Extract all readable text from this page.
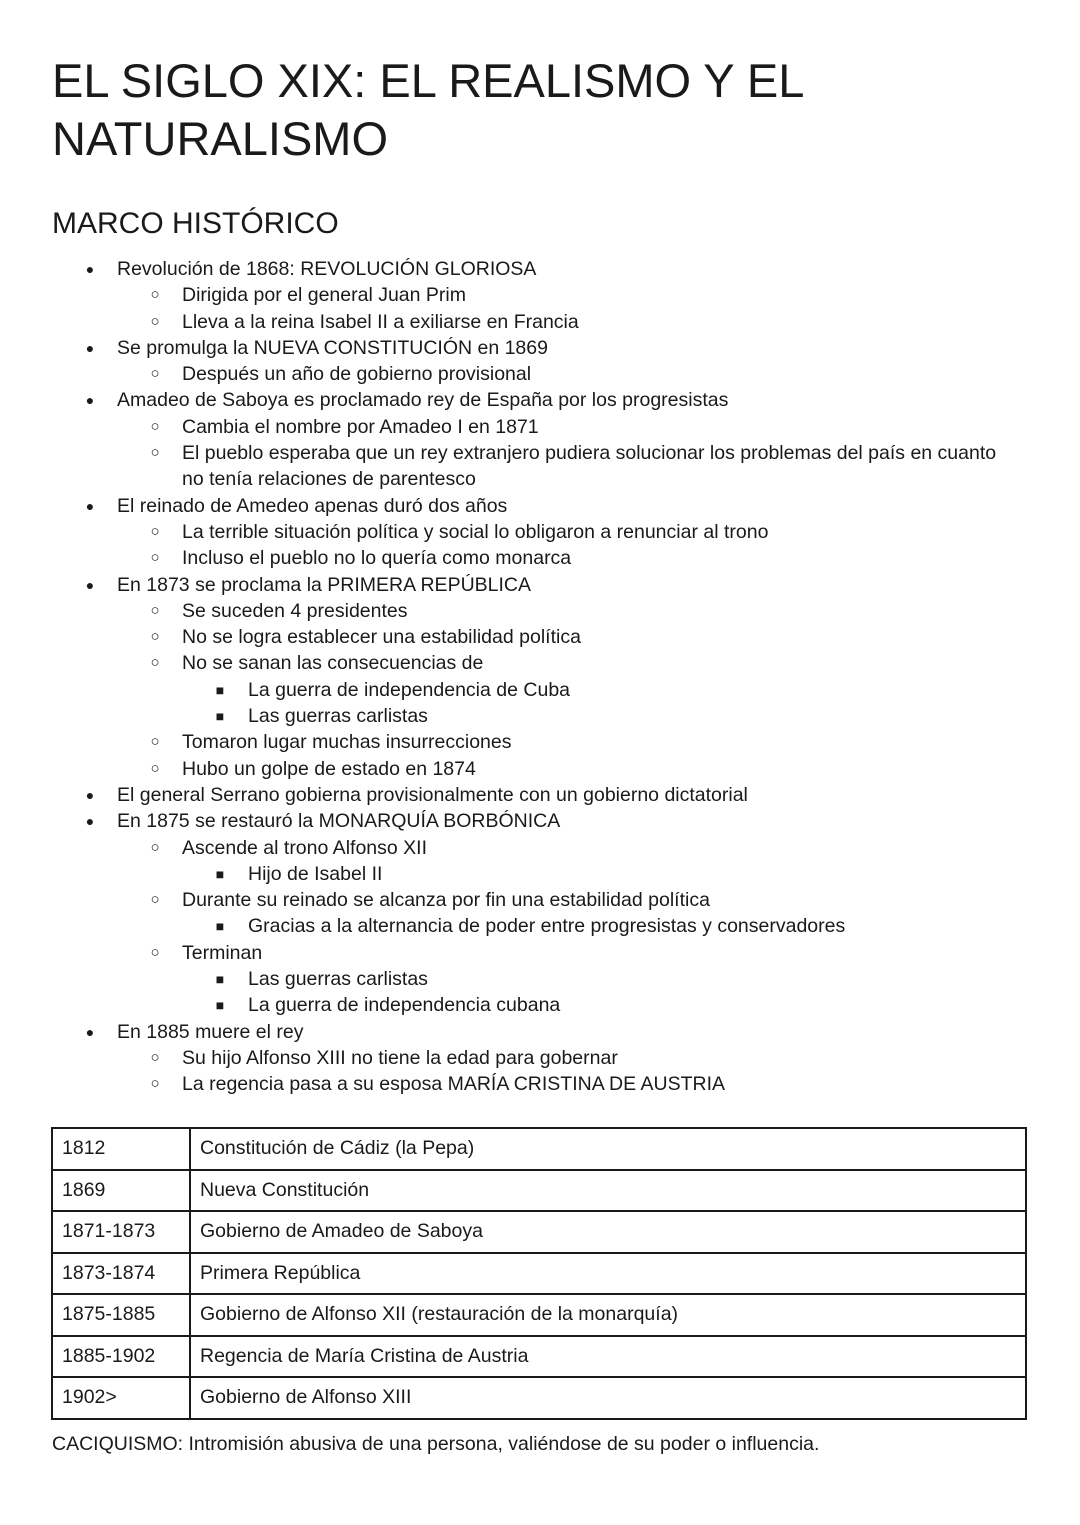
EL SIGLO XIX: EL REALISMO Y EL NATURALISMO
MARCO HISTÓRICO
● Revolución de 1868: REVOLUCIÓN GLORIOSA
○ Dirigida por el general Juan Prim
○ Lleva a la reina Isabel II a exiliarse en Francia
● Se promulga la NUEVA CONSTITUCIÓN en 1869
○ Después un año de gobierno provisional
● Amadeo de Saboya es proclamado rey de España por los progresistas
○ Cambia el nombre por Amadeo I en 1871
○ El pueblo esperaba que un rey extranjero pudiera solucionar los problemas del país en cuanto no tenía relaciones de parentesco
● El reinado de Amedeo apenas duró dos años
○ La terrible situación política y social lo obligaron a renunciar al trono
○ Incluso el pueblo no lo quería como monarca
● En 1873 se proclama la PRIMERA REPÚBLICA
○ Se suceden 4 presidentes
○ No se logra establecer una estabilidad política
○ No se sanan las consecuencias de
■ La guerra de independencia de Cuba
■ Las guerras carlistas
○ Tomaron lugar muchas insurrecciones
○ Hubo un golpe de estado en 1874
● El general Serrano gobierna provisionalmente con un gobierno dictatorial
● En 1875 se restauró la MONARQUÍA BORBÓNICA
○ Ascende al trono Alfonso XII
■ Hijo de Isabel II
○ Durante su reinado se alcanza por fin una estabilidad política
■ Gracias a la alternancia de poder entre progresistas y conservadores
○ Terminan
■ Las guerras carlistas
■ La guerra de independencia cubana
● En 1885 muere el rey
○ Su hijo Alfonso XIII no tiene la edad para gobernar
○ La regencia pasa a su esposa MARÍA CRISTINA DE AUSTRIA
1812	Constitución de Cádiz (la Pepa)
1869	Nueva Constitución
1871-1873	Gobierno de Amadeo de Saboya
1873-1874	Primera República
1875-1885	Gobierno de Alfonso XII (restauración de la monarquía)
1885-1902	Regencia de María Cristina de Austria
1902>	Gobierno de Alfonso XIII
CACIQUISMO: Intromisión abusiva de una persona, valiéndose de su poder o influencia.
